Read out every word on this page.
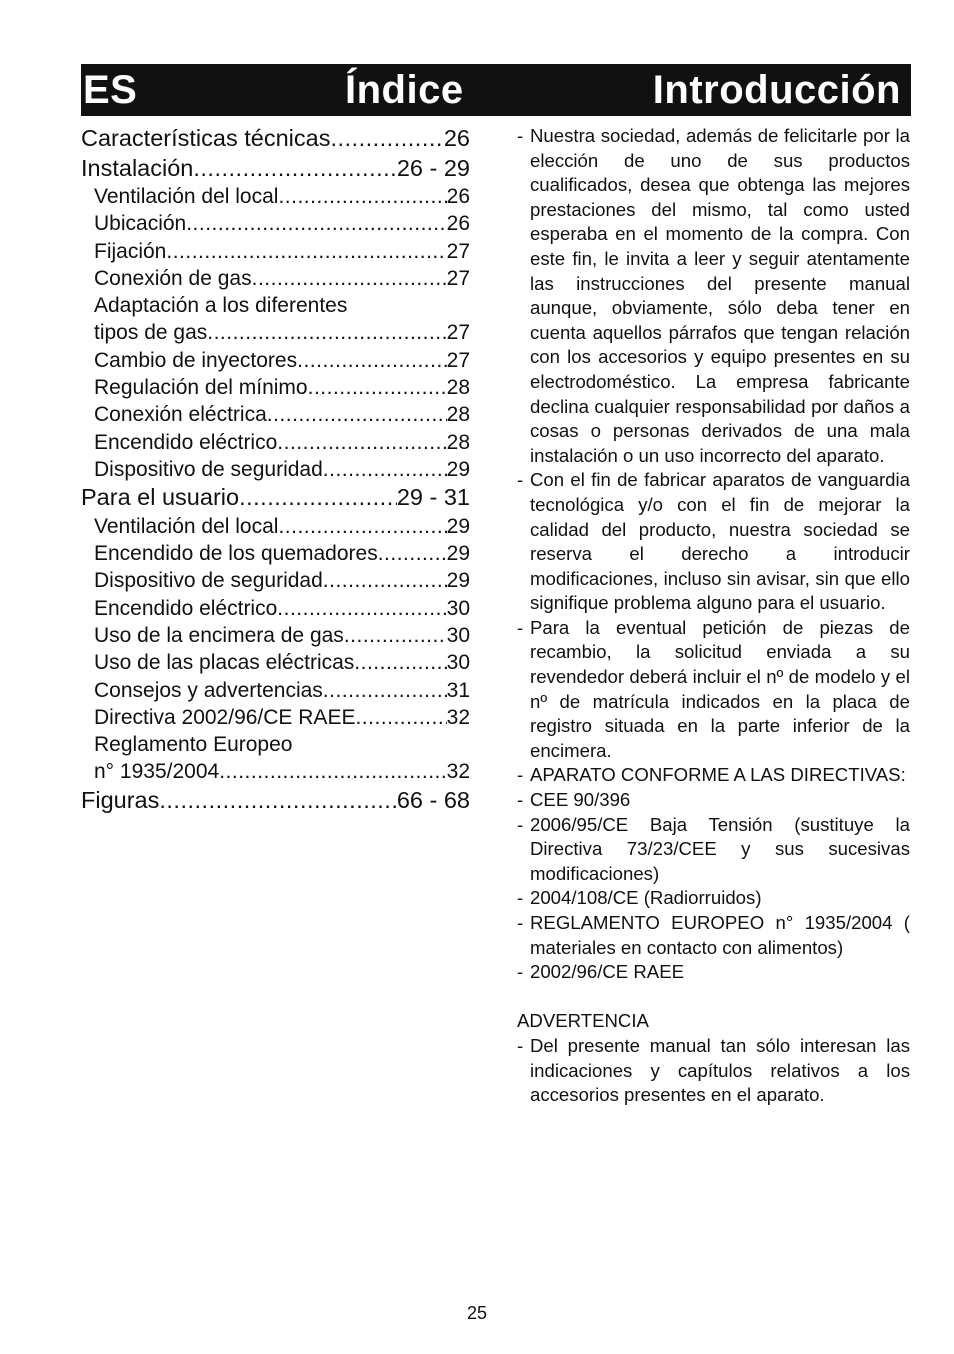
ES	Índice	Introducción
Características técnicas .....	26
Instalación .....	26 - 29
Ventilación del local .....	26
Ubicación .....	26
Fijación .....	27
Conexión de gas .....	27
Adaptación a los diferentes
tipos de gas .....	27
Cambio de inyectores .....	27
Regulación del mínimo .....	28
Conexión eléctrica .....	28
Encendido eléctrico .....	28
Dispositivo de seguridad .....	29
Para el usuario .....	29 - 31
Ventilación del local .....	29
Encendido de los quemadores .....	29
Dispositivo de seguridad .....	29
Encendido eléctrico .....	30
Uso de la encimera de gas .....	30
Uso de las placas eléctricas .....	30
Consejos y advertencias .....	31
Directiva 2002/96/CE RAEE .....	32
Reglamento Europeo
n° 1935/2004 .....	32
Figuras .....	66 - 68
- Nuestra sociedad, además de felicitarle por la elección de uno de sus productos cualificados, desea que obtenga las mejores prestaciones del mismo, tal como usted esperaba en el momento de la compra. Con este fin, le invita a leer y seguir atentamente las instrucciones del presente manual aunque, obviamente, sólo deba tener en cuenta aquellos párrafos que tengan relación con los accesorios y equipo presentes en su electrodoméstico. La empresa fabricante declina cualquier responsabilidad por daños a cosas o personas derivados de una mala instalación o un uso incorrecto del aparato.
- Con el fin de fabricar aparatos de vanguardia tecnológica y/o con el fin de mejorar la calidad del producto, nuestra sociedad se reserva el derecho a introducir modificaciones, incluso sin avisar, sin que ello signifique problema alguno para el usuario.
- Para la eventual petición de piezas de recambio, la solicitud enviada a su revendedor deberá incluir el nº de modelo y el nº de matrícula indicados en la placa de registro situada en la parte inferior de la encimera.
- APARATO CONFORME A LAS DIRECTIVAS:
- CEE 90/396
- 2006/95/CE Baja Tensión (sustituye la Directiva 73/23/CEE y sus sucesivas modificaciones)
- 2004/108/CE (Radiorruidos)
- REGLAMENTO EUROPEO n° 1935/2004 ( materiales en contacto con alimentos)
- 2002/96/CE RAEE
ADVERTENCIA
- Del presente manual tan sólo interesan las indicaciones y capítulos relativos a los accesorios presentes en el aparato.
25
